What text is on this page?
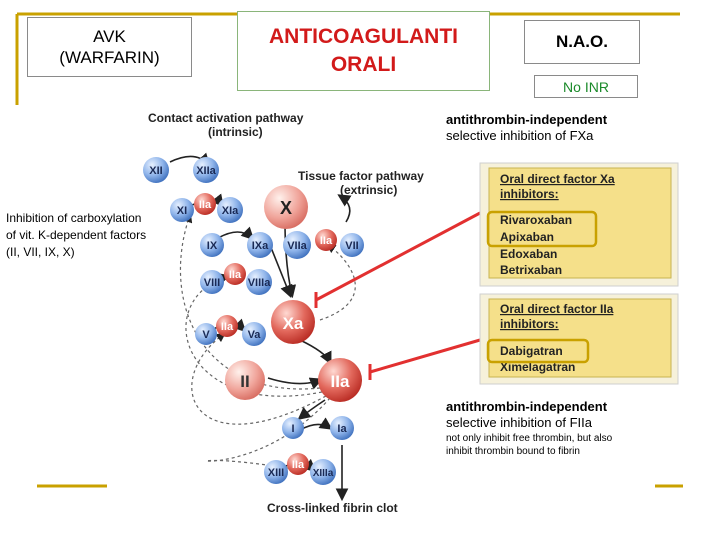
AVK
(WARFARIN)
ANTICOAGULANTI
ORALI
N.A.O.
No INR
antithrombin-independent
selective inhibition of FXa
Inhibition of carboxylation
of vit. K-dependent factors
(II, VII, IX, X)
antithrombin-independent
selective inhibition of FIIa
not only inhibit free thrombin, but also
inhibit thrombin bound to fibrin
Contact activation pathway
(intrinsic)
Tissue factor pathway
(extrinsic)
Cross-linked fibrin clot
XII	XIIa
XI IIa XIa X
IX	IXa VIIa IIa VII
VIII
IIa
VIIIa
V
IIa
Va
Xa
II	IIa
I	Ia
XIII
IIa
XIIIa
Oral direct factor Xa
inhibitors:
Rivaroxaban
Apixaban
Edoxaban
Betrixaban
Oral direct factor IIa
inhibitors:
Dabigatran
Ximelagatran
